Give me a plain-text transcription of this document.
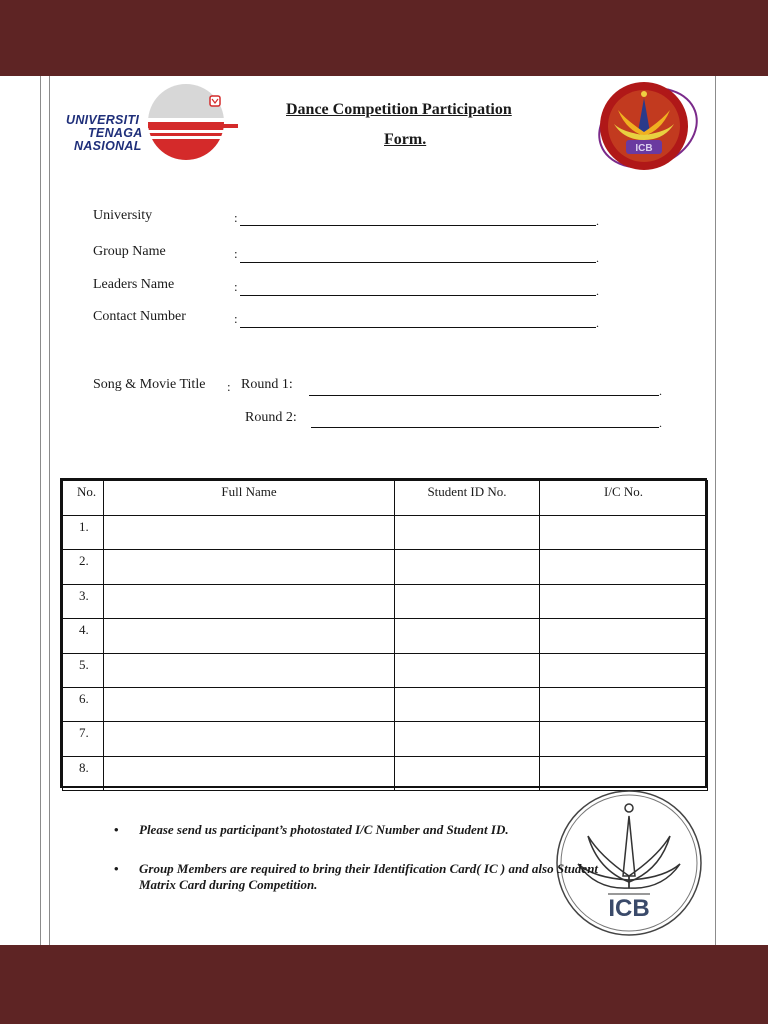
UNIVERSITI
TENAGA
NASIONAL
Dance Competition Participation
Form.
ICB
University	:	.
Group Name	:	.
Leaders Name	:	.
Contact Number	:	.
Song & Movie Title : Round 1:	.
Round 2:	.
No.	Full Name	Student ID No.	I/C No.
1.			
2.			
3.			
4.			
5.			
6.			
7.			
8.			
ICB
• Please send us participant’s photostated I/C Number and Student ID.
• Group Members are required to bring their Identification Card( IC ) and also Student Matrix Card during Competition.
